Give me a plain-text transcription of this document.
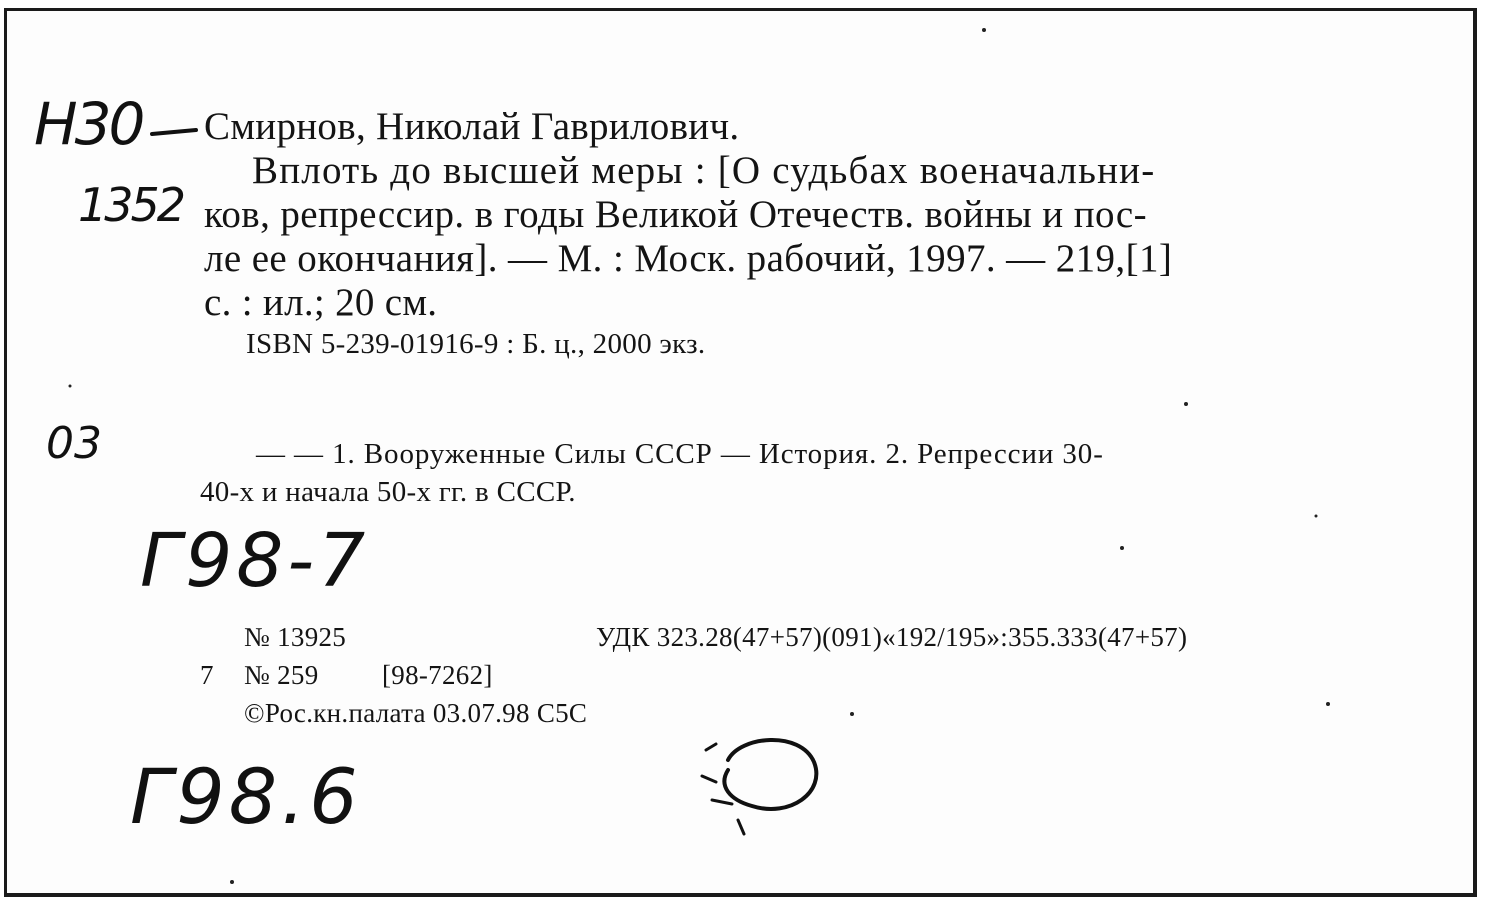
Н30
1352
03
Г98-7
Г98.6
Смирнов, Николай Гаврилович.
Вплоть до высшей меры : [О судьбах военачальни-
ков, репрессир. в годы Великой Отечеств. войны и пос-
ле ее окончания]. — М. : Моск. рабочий, 1997. — 219,[1]
с. : ил.; 20 см.
ISBN 5-239-01916-9 : Б. ц., 2000 экз.
— — 1. Вооруженные Силы СССР — История. 2. Репрессии 30-
40-х и начала 50-х гг. в СССР.
№ 13925	УДК 323.28(47+57)(091)«192/195»:355.333(47+57)
7 № 259 [98-7262]
©Рос.кн.палата 03.07.98 С5С
